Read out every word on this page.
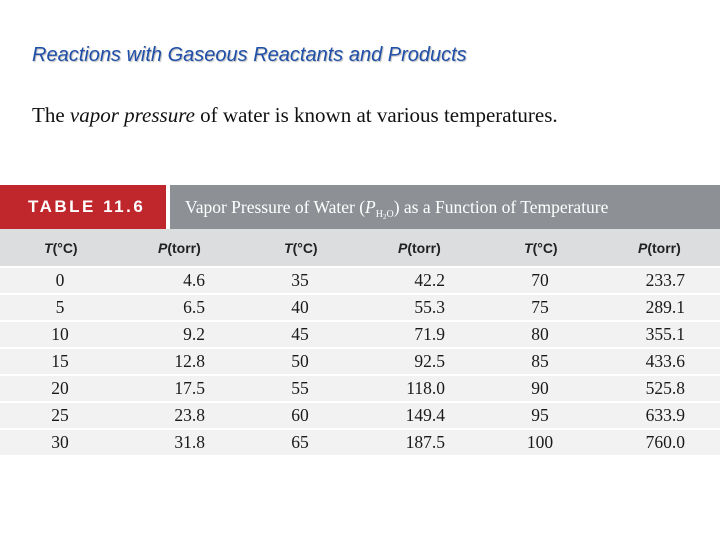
Reactions with Gaseous Reactants and Products

The vapor pressure of water is known at various temperatures.

TABLE 11.6	Vapor Pressure of Water $(P_{H_2O})$ as a Function of Temperature
T(°C)	P(torr)	T(°C)	P(torr)	T(°C)	P(torr)
0	4.6	35	42.2	70	233.7
5	6.5	40	55.3	75	289.1
10	9.2	45	71.9	80	355.1
15	12.8	50	92.5	85	433.6
20	17.5	55	118.0	90	525.8
25	23.8	60	149.4	95	633.9
30	31.8	65	187.5	100	760.0
